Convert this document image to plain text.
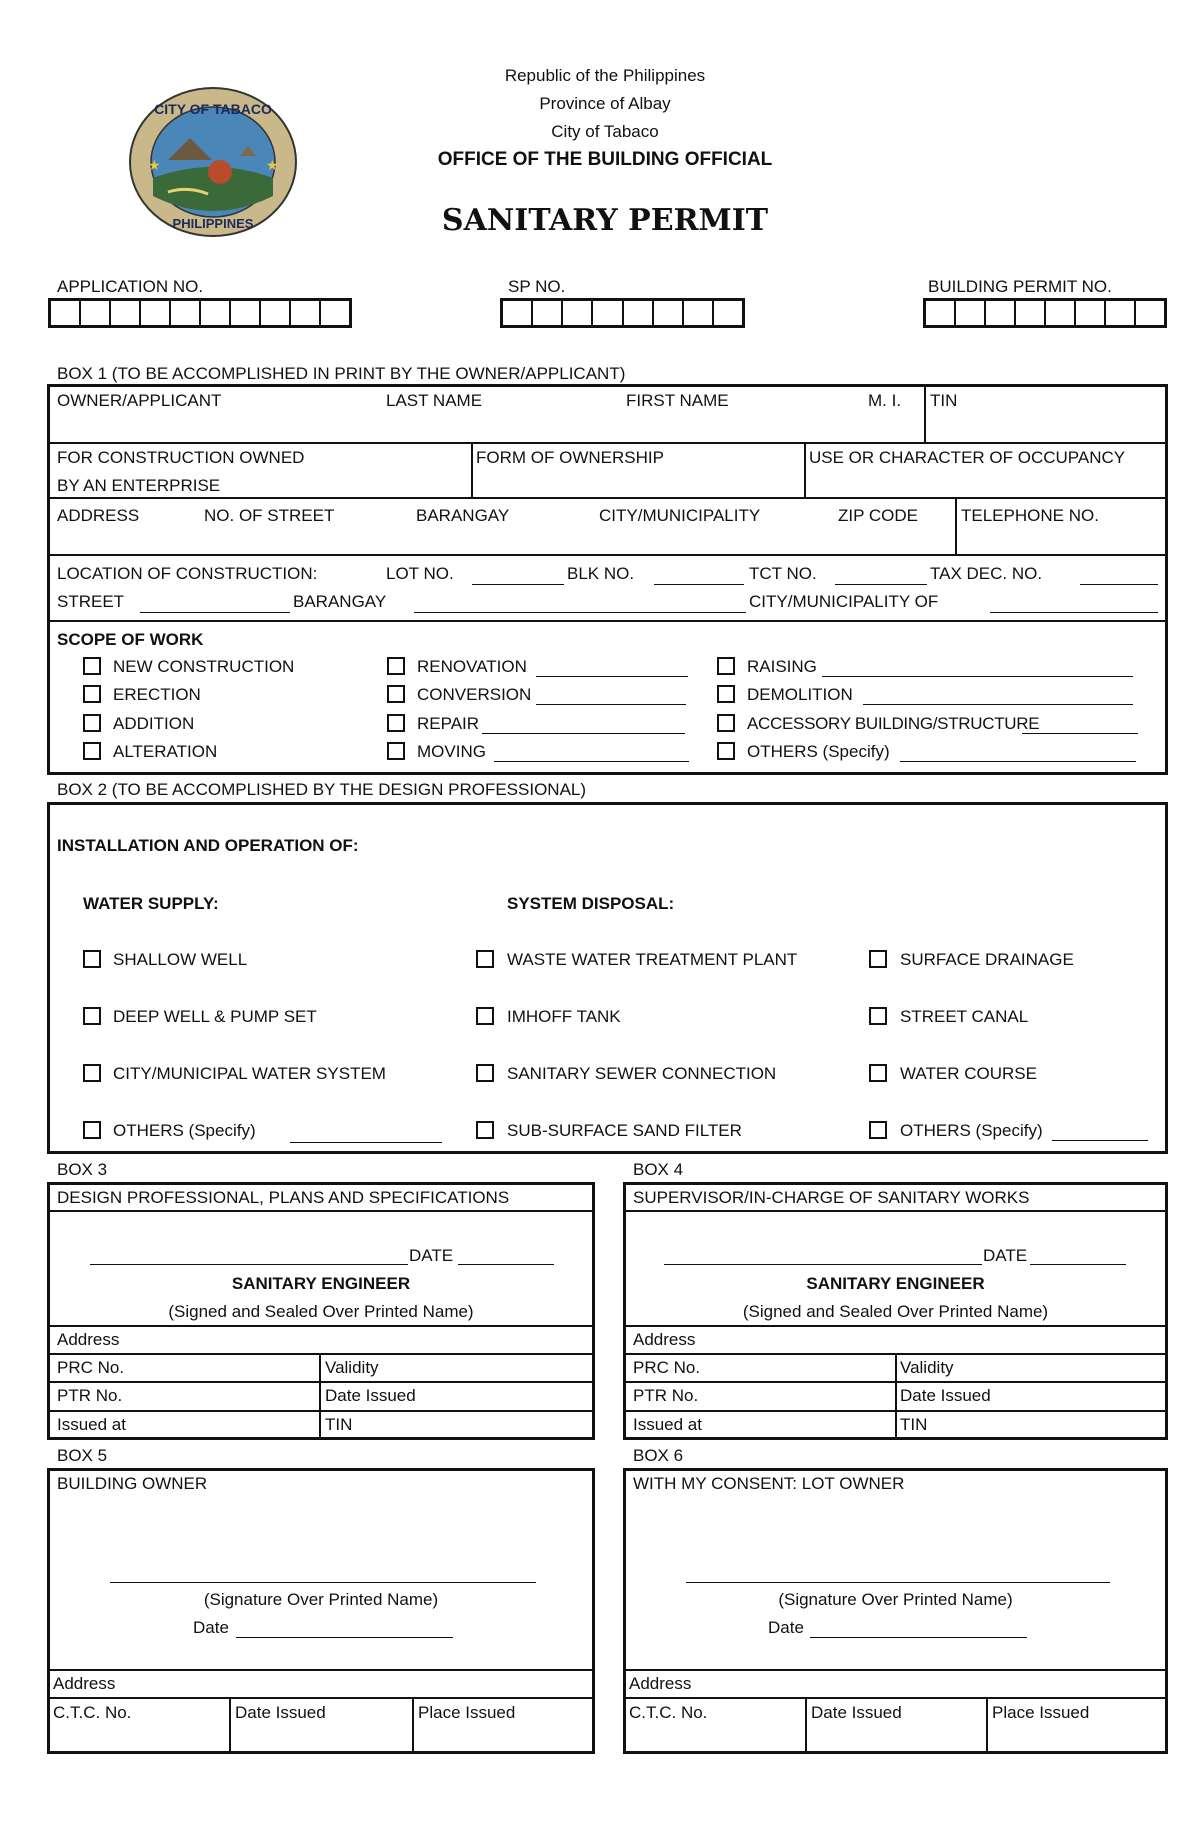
CITY OF TABACO
PHILIPPINES
★	★
Republic of the Philippines
Province of Albay
City of Tabaco
OFFICE OF THE BUILDING OFFICIAL
SANITARY PERMIT
APPLICATION NO.	SP NO.	BUILDING PERMIT NO.
BOX 1 (TO BE ACCOMPLISHED IN PRINT BY THE OWNER/APPLICANT)
OWNER/APPLICANT	LAST NAME	FIRST NAME	M. I. TIN
FOR CONSTRUCTION OWNED
BY AN ENTERPRISE
FORM OF OWNERSHIP	USE OR CHARACTER OF OCCUPANCY
ADDRESS	NO. OF STREET	BARANGAY	CITY/MUNICIPALITY	ZIP CODE	TELEPHONE NO.
LOCATION OF CONSTRUCTION:	LOT NO.	BLK NO.	TCT NO.	TAX DEC. NO.
STREET	BARANGAY	CITY/MUNICIPALITY OF
SCOPE OF WORK
NEW CONSTRUCTION
ERECTION
ADDITION
ALTERATION
RENOVATION
CONVERSION
REPAIR
MOVING
RAISING
DEMOLITION
ACCESSORY BUILDING/STRUCTURE
OTHERS (Specify)
BOX 2 (TO BE ACCOMPLISHED BY THE DESIGN PROFESSIONAL)
INSTALLATION AND OPERATION OF:
WATER SUPPLY:	SYSTEM DISPOSAL:
SHALLOW WELL
DEEP WELL & PUMP SET
CITY/MUNICIPAL WATER SYSTEM
OTHERS (Specify)
WASTE WATER TREATMENT PLANT
IMHOFF TANK
SANITARY SEWER CONNECTION
SUB-SURFACE SAND FILTER
SURFACE DRAINAGE
STREET CANAL
WATER COURSE
OTHERS (Specify)
BOX 3
DESIGN PROFESSIONAL, PLANS AND SPECIFICATIONS
DATE
SANITARY ENGINEER
(Signed and Sealed Over Printed Name)
Address
PRC No.	Validity
PTR No.	Date Issued
Issued at	TIN
BOX 4
SUPERVISOR/IN-CHARGE OF SANITARY WORKS
DATE
SANITARY ENGINEER
(Signed and Sealed Over Printed Name)
Address
PRC No.	Validity
PTR No.	Date Issued
Issued at	TIN
BOX 5
BUILDING OWNER
(Signature Over Printed Name)
Date
Address
C.T.C. No.	Date Issued	Place Issued
BOX 6
WITH MY CONSENT: LOT OWNER
(Signature Over Printed Name)
Date
Address
C.T.C. No.	Date Issued	Place Issued
